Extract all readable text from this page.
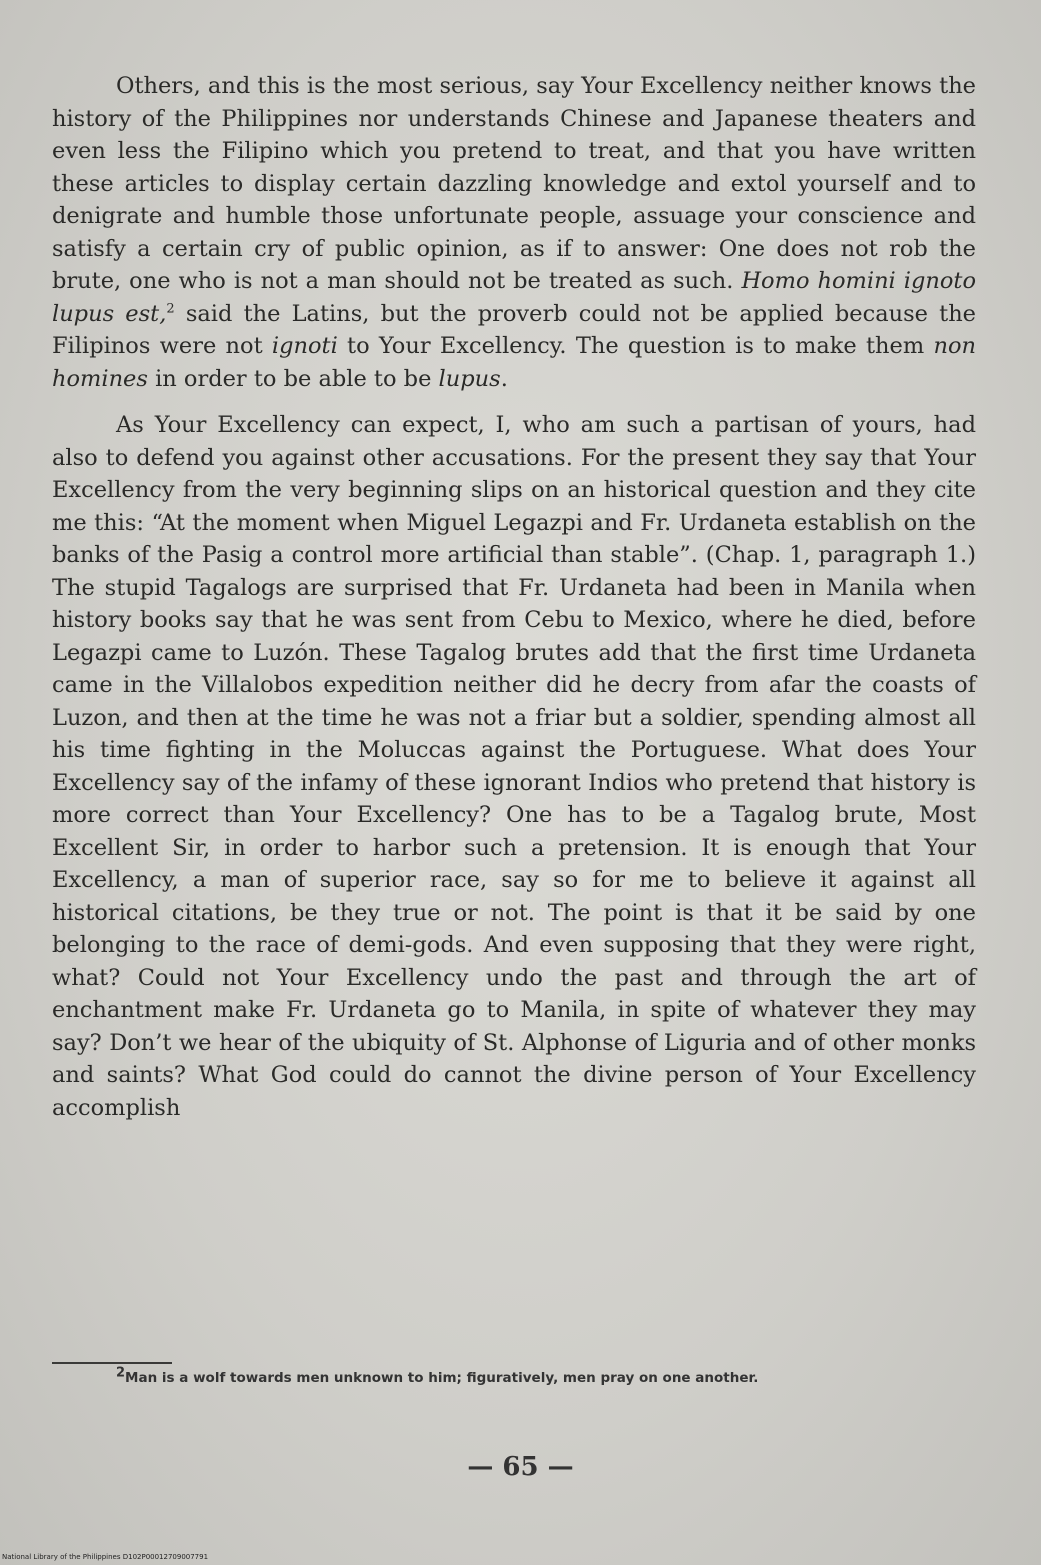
Others, and this is the most serious, say Your Excellency neither knows the history of the Philippines nor understands Chinese and Japanese theaters and even less the Filipino which you pretend to treat, and that you have written these articles to display certain dazzling knowledge and extol yourself and to denigrate and humble those unfortunate people, assuage your conscience and satisfy a certain cry of public opinion, as if to answer: One does not rob the brute, one who is not a man should not be treated as such. Homo homini ignoto lupus est,$^2$ said the Latins, but the proverb could not be applied because the Filipinos were not ignoti to Your Excellency. The question is to make them non homines in order to be able to be lupus.

As Your Excellency can expect, I, who am such a partisan of yours, had also to defend you against other accusations. For the present they say that Your Excellency from the very beginning slips on an historical question and they cite me this: “At the moment when Miguel Legazpi and Fr. Urdaneta establish on the banks of the Pasig a control more artificial than stable”. (Chap. 1, paragraph 1.) The stupid Tagalogs are surprised that Fr. Urdaneta had been in Manila when history books say that he was sent from Cebu to Mexico, where he died, before Legazpi came to Luzón. These Tagalog brutes add that the first time Urdaneta came in the Villalobos expedition neither did he decry from afar the coasts of Luzon, and then at the time he was not a friar but a soldier, spending almost all his time fighting in the Moluccas against the Portuguese. What does Your Excellency say of the infamy of these ignorant Indios who pretend that history is more correct than Your Excellency? One has to be a Tagalog brute, Most Excellent Sir, in order to harbor such a pretension. It is enough that Your Excellency, a man of superior race, say so for me to believe it against all historical citations, be they true or not. The point is that it be said by one belonging to the race of demi-gods. And even supposing that they were right, what? Could not Your Excellency undo the past and through the art of enchantment make Fr. Urdaneta go to Manila, in spite of whatever they may say? Don’t we hear of the ubiquity of St. Alphonse of Liguria and of other monks and saints? What God could do cannot the divine person of Your Excellency accomplish

$^2$Man is a wolf towards men unknown to him; figuratively, men pray on one another.
— 65 —
National Library of the Philippines D102P00012709007791
